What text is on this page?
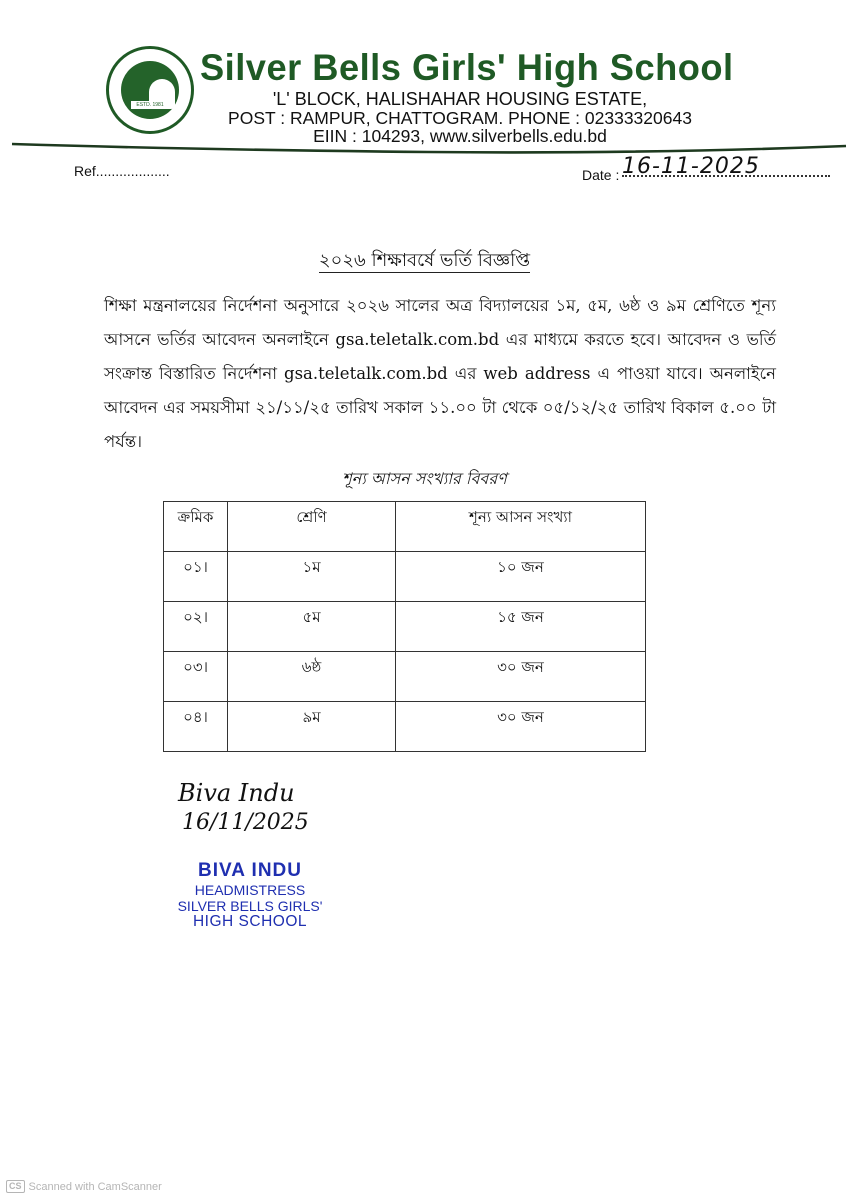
ESTD. 1981
Silver Bells Girls' High School
'L' BLOCK, HALISHAHAR HOUSING ESTATE,
POST : RAMPUR, CHATTOGRAM. PHONE : 02333320643
EIIN : 104293, www.silverbells.edu.bd
Ref...................	Date : 16-11-2025
২০২৬ শিক্ষাবর্ষে ভর্তি বিজ্ঞপ্তি
শিক্ষা মন্ত্রনালয়ের নির্দেশনা অনুসারে ২০২৬ সালের অত্র বিদ্যালয়ের ১ম, ৫ম, ৬ষ্ঠ ও ৯ম শ্রেণিতে শূন্য আসনে ভর্তির আবেদন অনলাইনে gsa.teletalk.com.bd এর মাধ্যমে করতে হবে। আবেদন ও ভর্তি সংক্রান্ত বিস্তারিত নির্দেশনা gsa.teletalk.com.bd এর web address এ পাওয়া যাবে। অনলাইনে আবেদন এর সময়সীমা ২১/১১/২৫ তারিখ সকাল ১১.০০ টা থেকে ০৫/১২/২৫ তারিখ বিকাল ৫.০০ টা পর্যন্ত।
শূন্য আসন সংখ্যার বিবরণ
ক্রমিক	শ্রেণি	শূন্য আসন সংখ্যা
০১।	১ম	১০ জন
০২।	৫ম	১৫ জন
০৩।	৬ষ্ঠ	৩০ জন
০৪।	৯ম	৩০ জন
Biva Indu
16/11/2025
BIVA INDU
HEADMISTRESS
SILVER BELLS GIRLS'
HIGH SCHOOL
CS Scanned with CamScanner
